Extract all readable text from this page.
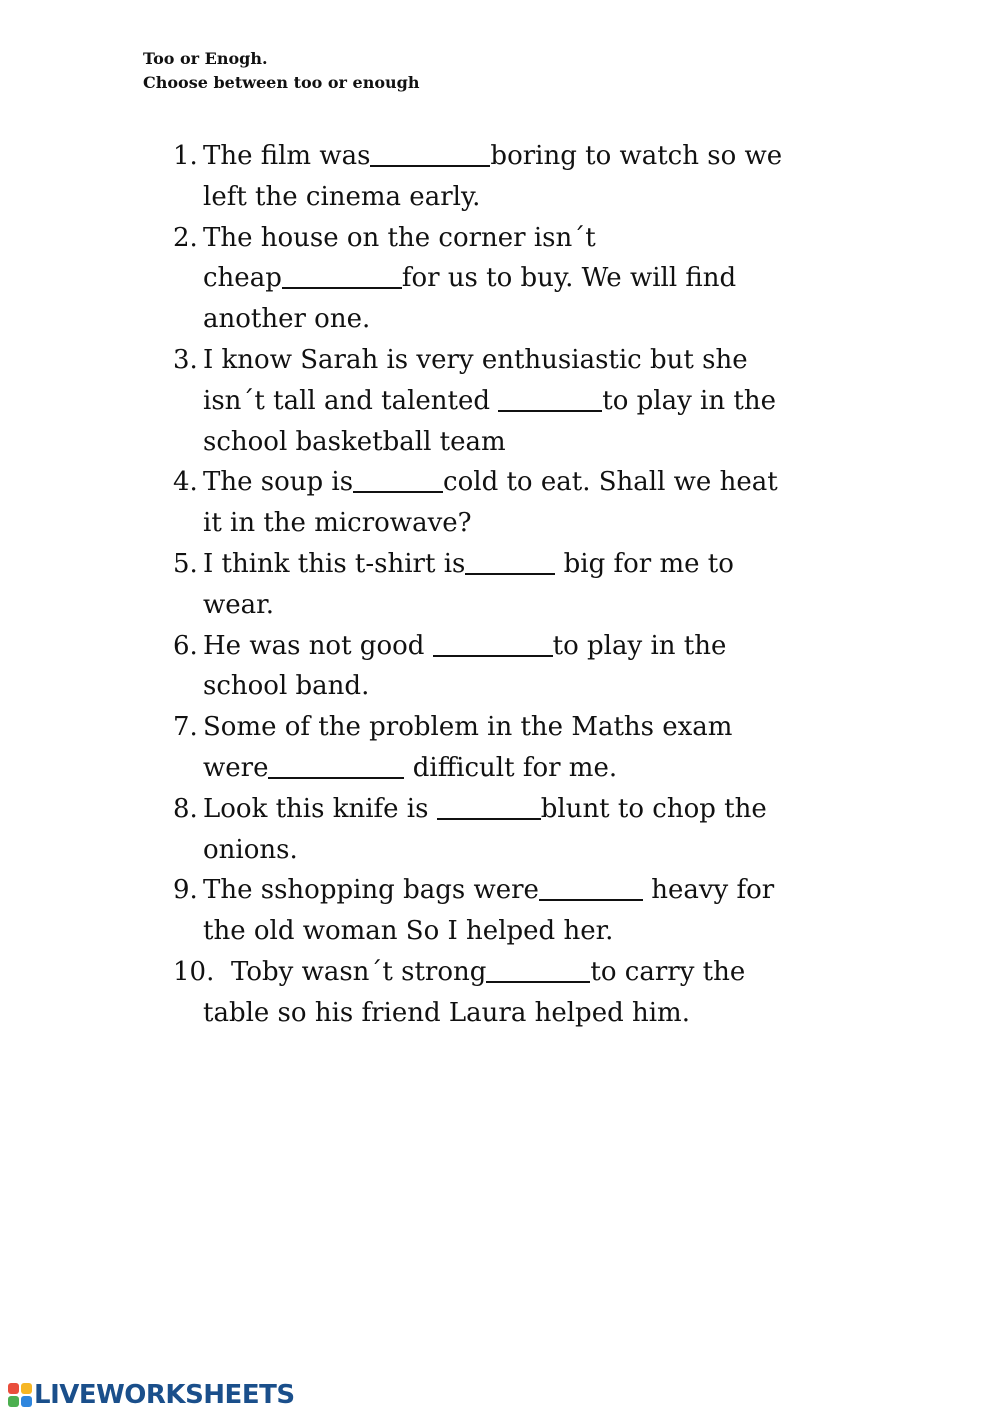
Too or Enogh.
Choose between too or enough
1. The film was	boring to watch so we
left the cinema early.
2. The house on the corner isn´t
cheap	for us to buy. We will find
another one.
3. I know Sarah is very enthusiastic but she
isn´t tall and talented	to play in the
school basketball team
4. The soup is	cold to eat. Shall we heat
it in the microwave?
5. I think this t-shirt is	big for me to
wear.
6. He was not good	to play in the
school band.
7. Some of the problem in the Maths exam
were	difficult for me.
8. Look this knife is	blunt to chop the
onions.
9. The sshopping bags were	heavy for
the old woman So I helped her.
10. Toby wasn´t strong	to carry the
table so his friend Laura helped him.
LIVEWORKSHEETS
